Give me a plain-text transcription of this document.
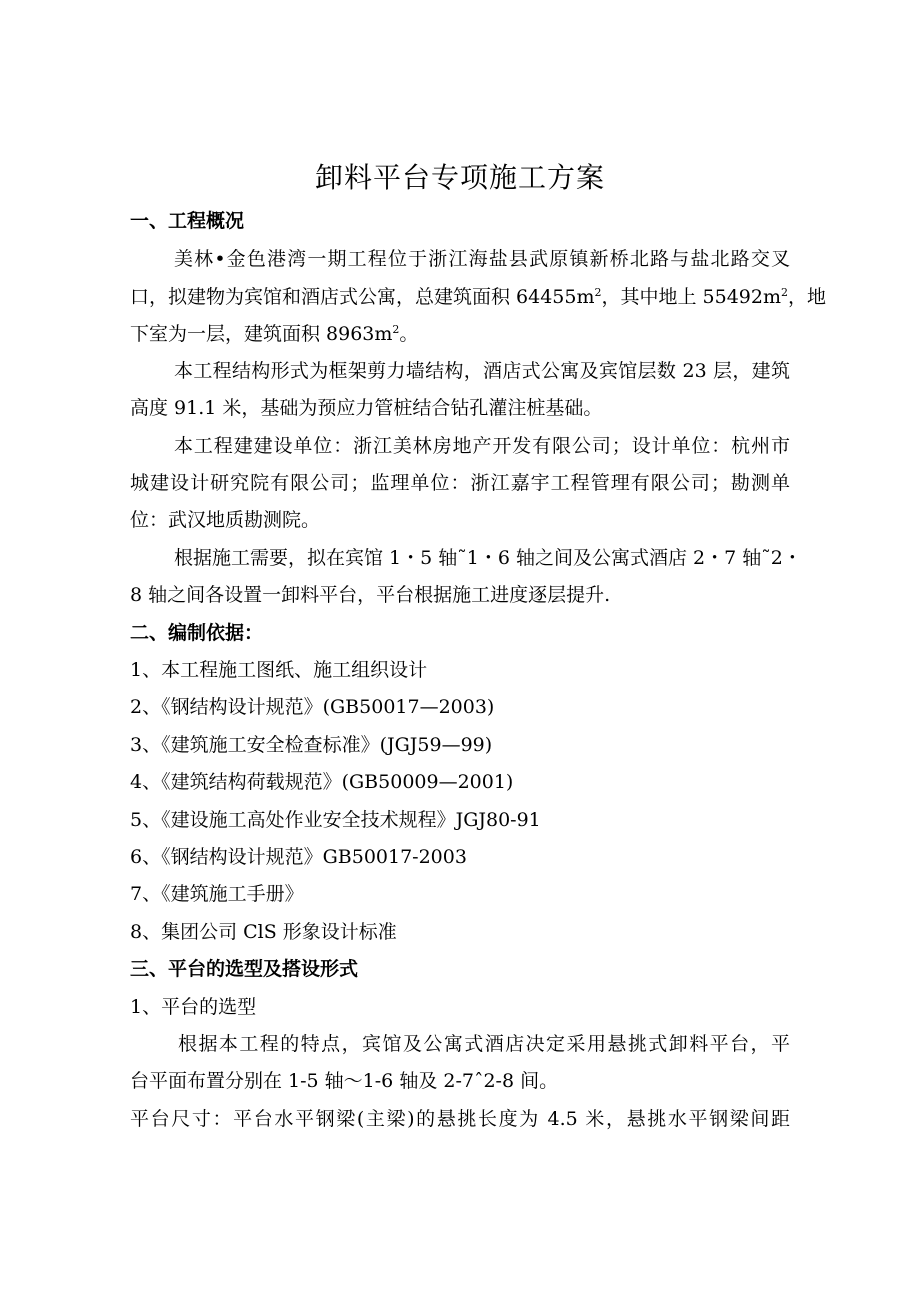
卸料平台专项施工方案
一、工程概况
美林•金色港湾一期工程位于浙江海盐县武原镇新桥北路与盐北路交叉
口，拟建物为宾馆和酒店式公寓，总建筑面积 $64455m^2$，其中地上 $55492m^2$，地
下室为一层，建筑面积 $8963m^2$。
本工程结构形式为框架剪力墙结构，酒店式公寓及宾馆层数 23 层，建筑
高度 91.1 米，基础为预应力管桩结合钻孔灌注桩基础。
本工程建建设单位：浙江美林房地产开发有限公司；设计单位：杭州市
城建设计研究院有限公司；监理单位：浙江嘉宇工程管理有限公司；勘测单
位：武汉地质勘测院。
根据施工需要，拟在宾馆 1・5 轴˜1・6 轴之间及公寓式酒店 2・7 轴˜2・
8 轴之间各设置一卸料平台，平台根据施工进度逐层提升.
二、编制依据：
1、本工程施工图纸、施工组织设计
2、《钢结构设计规范》(GB50017—2003)
3、《建筑施工安全检查标准》(JGJ59—99)
4、《建筑结构荷载规范》(GB50009—2001)
5、《建设施工高处作业安全技术规程》JGJ80-91
6、《钢结构设计规范》GB50017-2003
7、《建筑施工手册》
8、集团公司 ClS 形象设计标准
三、平台的选型及搭设形式
1、平台的选型
根据本工程的特点，宾馆及公寓式酒店决定采用悬挑式卸料平台，平
台平面布置分别在 1-5 轴～1-6 轴及 2-7ˆ2-8 间。
平台尺寸：平台水平钢梁(主梁)的悬挑长度为 4.5 米，悬挑水平钢梁间距
